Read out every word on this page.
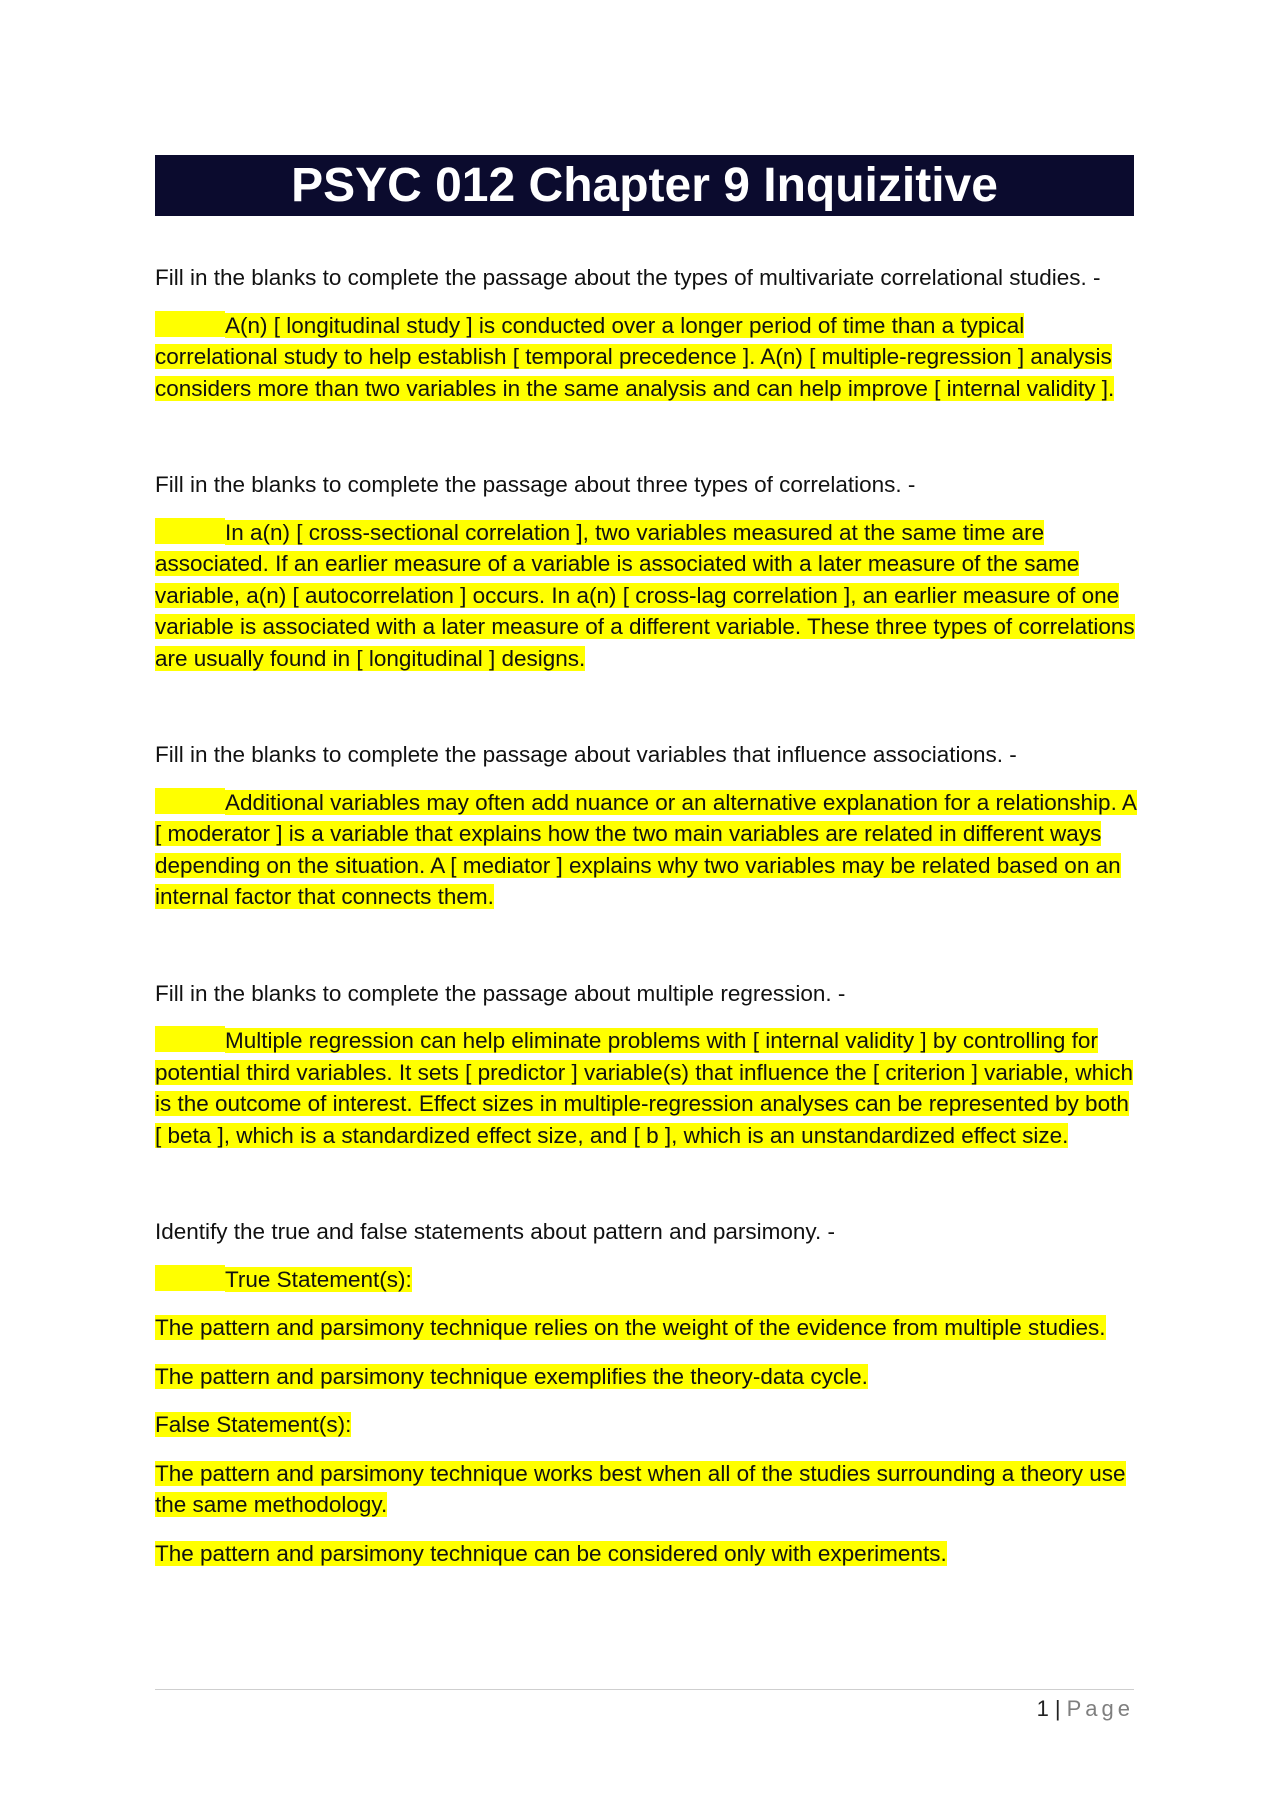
PSYC 012 Chapter 9 Inquizitive

Fill in the blanks to complete the passage about the types of multivariate correlational studies. -

A(n) [ longitudinal study ] is conducted over a longer period of time than a typical correlational study to help establish [ temporal precedence ]. A(n) [ multiple-regression ] analysis considers more than two variables in the same analysis and can help improve [ internal validity ].

Fill in the blanks to complete the passage about three types of correlations. -

In a(n) [ cross-sectional correlation ], two variables measured at the same time are associated. If an earlier measure of a variable is associated with a later measure of the same variable, a(n) [ autocorrelation ] occurs. In a(n) [ cross-lag correlation ], an earlier measure of one variable is associated with a later measure of a different variable. These three types of correlations are usually found in [ longitudinal ] designs.

Fill in the blanks to complete the passage about variables that influence associations. -

Additional variables may often add nuance or an alternative explanation for a relationship. A [ moderator ] is a variable that explains how the two main variables are related in different ways depending on the situation. A [ mediator ] explains why two variables may be related based on an internal factor that connects them.

Fill in the blanks to complete the passage about multiple regression. -

Multiple regression can help eliminate problems with [ internal validity ] by controlling for potential third variables. It sets [ predictor ] variable(s) that influence the [ criterion ] variable, which is the outcome of interest. Effect sizes in multiple-regression analyses can be represented by both [ beta ], which is a standardized effect size, and [ b ], which is an unstandardized effect size.

Identify the true and false statements about pattern and parsimony. -

True Statement(s):

The pattern and parsimony technique relies on the weight of the evidence from multiple studies.

The pattern and parsimony technique exemplifies the theory-data cycle.

False Statement(s):

The pattern and parsimony technique works best when all of the studies surrounding a theory use the same methodology.

The pattern and parsimony technique can be considered only with experiments.

1 | Page
